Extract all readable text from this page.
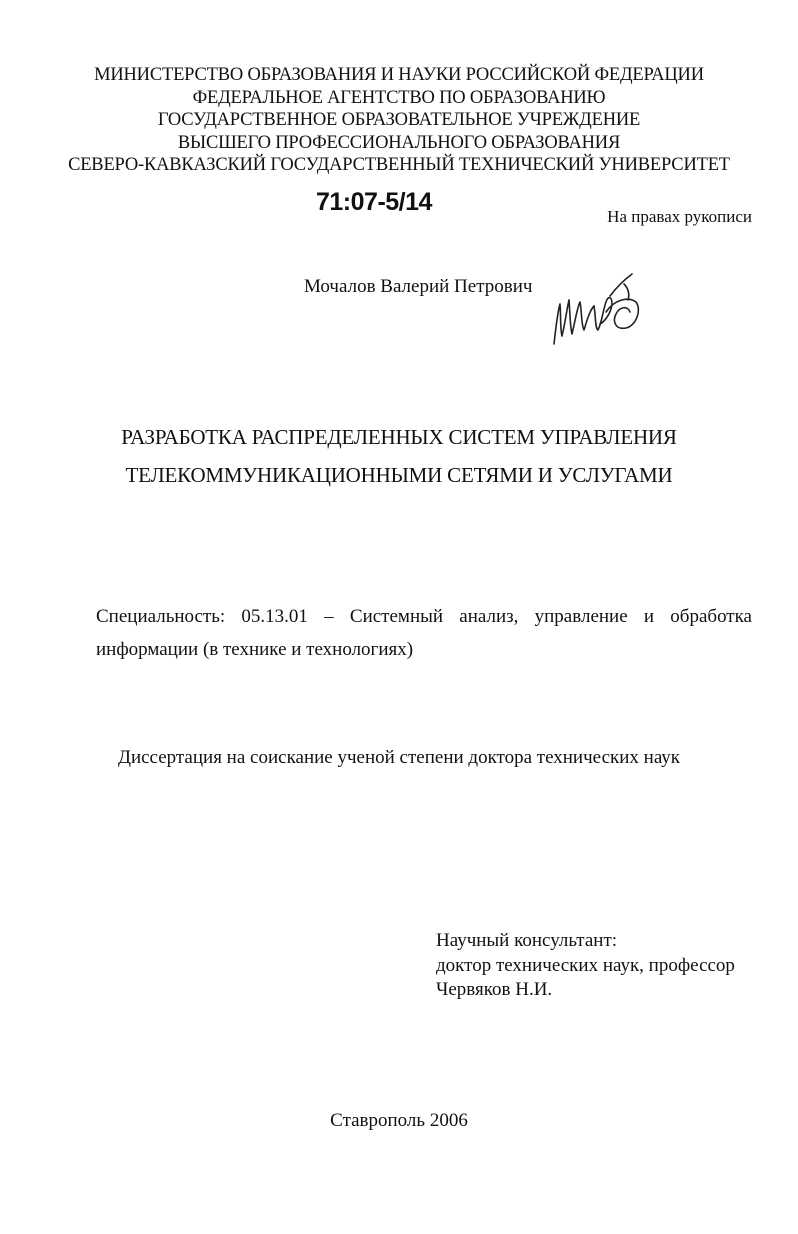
МИНИСТЕРСТВО ОБРАЗОВАНИЯ И НАУКИ РОССИЙСКОЙ ФЕДЕРАЦИИ
ФЕДЕРАЛЬНОЕ АГЕНТСТВО ПО ОБРАЗОВАНИЮ
ГОСУДАРСТВЕННОЕ ОБРАЗОВАТЕЛЬНОЕ УЧРЕЖДЕНИЕ
ВЫСШЕГО ПРОФЕССИОНАЛЬНОГО ОБРАЗОВАНИЯ
СЕВЕРО-КАВКАЗСКИЙ ГОСУДАРСТВЕННЫЙ ТЕХНИЧЕСКИЙ УНИВЕРСИТЕТ
71:07-5/14
На правах рукописи
Мочалов Валерий Петрович
РАЗРАБОТКА РАСПРЕДЕЛЕННЫХ СИСТЕМ УПРАВЛЕНИЯ
ТЕЛЕКОММУНИКАЦИОННЫМИ СЕТЯМИ И УСЛУГАМИ
Специальность: 05.13.01 – Системный анализ, управление и обработка информации (в технике и технологиях)
Диссертация на соискание ученой степени доктора технических наук
Научный консультант:
доктор технических наук, профессор
Червяков Н.И.
Ставрополь 2006
